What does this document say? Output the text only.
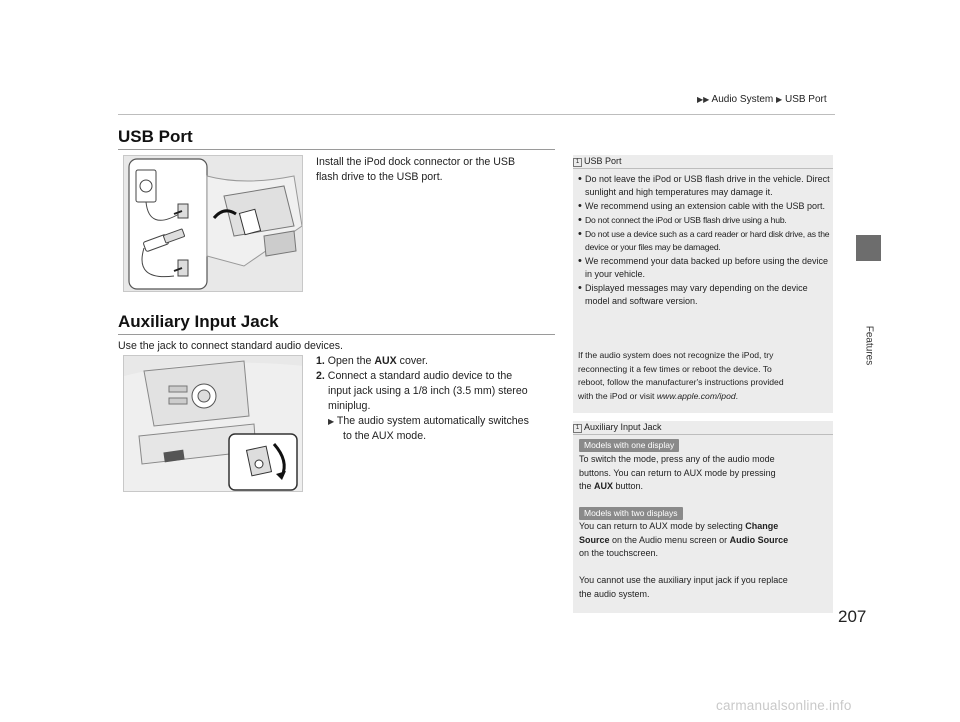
▶▶ Audio System ▶ USB Port
Features
USB Port
Install the iPod dock connector or the USB
flash drive to the USB port.
Auxiliary Input Jack
Use the jack to connect standard audio devices.
1. Open the AUX cover.
2. Connect a standard audio device to the
input jack using a 1/8 inch (3.5 mm) stereo
miniplug.
▶ The audio system automatically switches
to the AUX mode.
1 USB Port
• Do not leave the iPod or USB flash drive in the vehicle. Direct sunlight and high temperatures may damage it.
• We recommend using an extension cable with the USB port.
• Do not connect the iPod or USB flash drive using a hub.
• Do not use a device such as a card reader or hard disk drive, as the device or your files may be damaged.
• We recommend your data backed up before using the device in your vehicle.
• Displayed messages may vary depending on the device model and software version.
If the audio system does not recognize the iPod, try
reconnecting it a few times or reboot the device. To
reboot, follow the manufacturer's instructions provided
with the iPod or visit www.apple.com/ipod.
1 Auxiliary Input Jack
Models with one display
To switch the mode, press any of the audio mode
buttons. You can return to AUX mode by pressing
the AUX button.
Models with two displays
You can return to AUX mode by selecting Change
Source on the Audio menu screen or Audio Source
on the touchscreen.
You cannot use the auxiliary input jack if you replace
the audio system.
207
carmanualsonline.info
